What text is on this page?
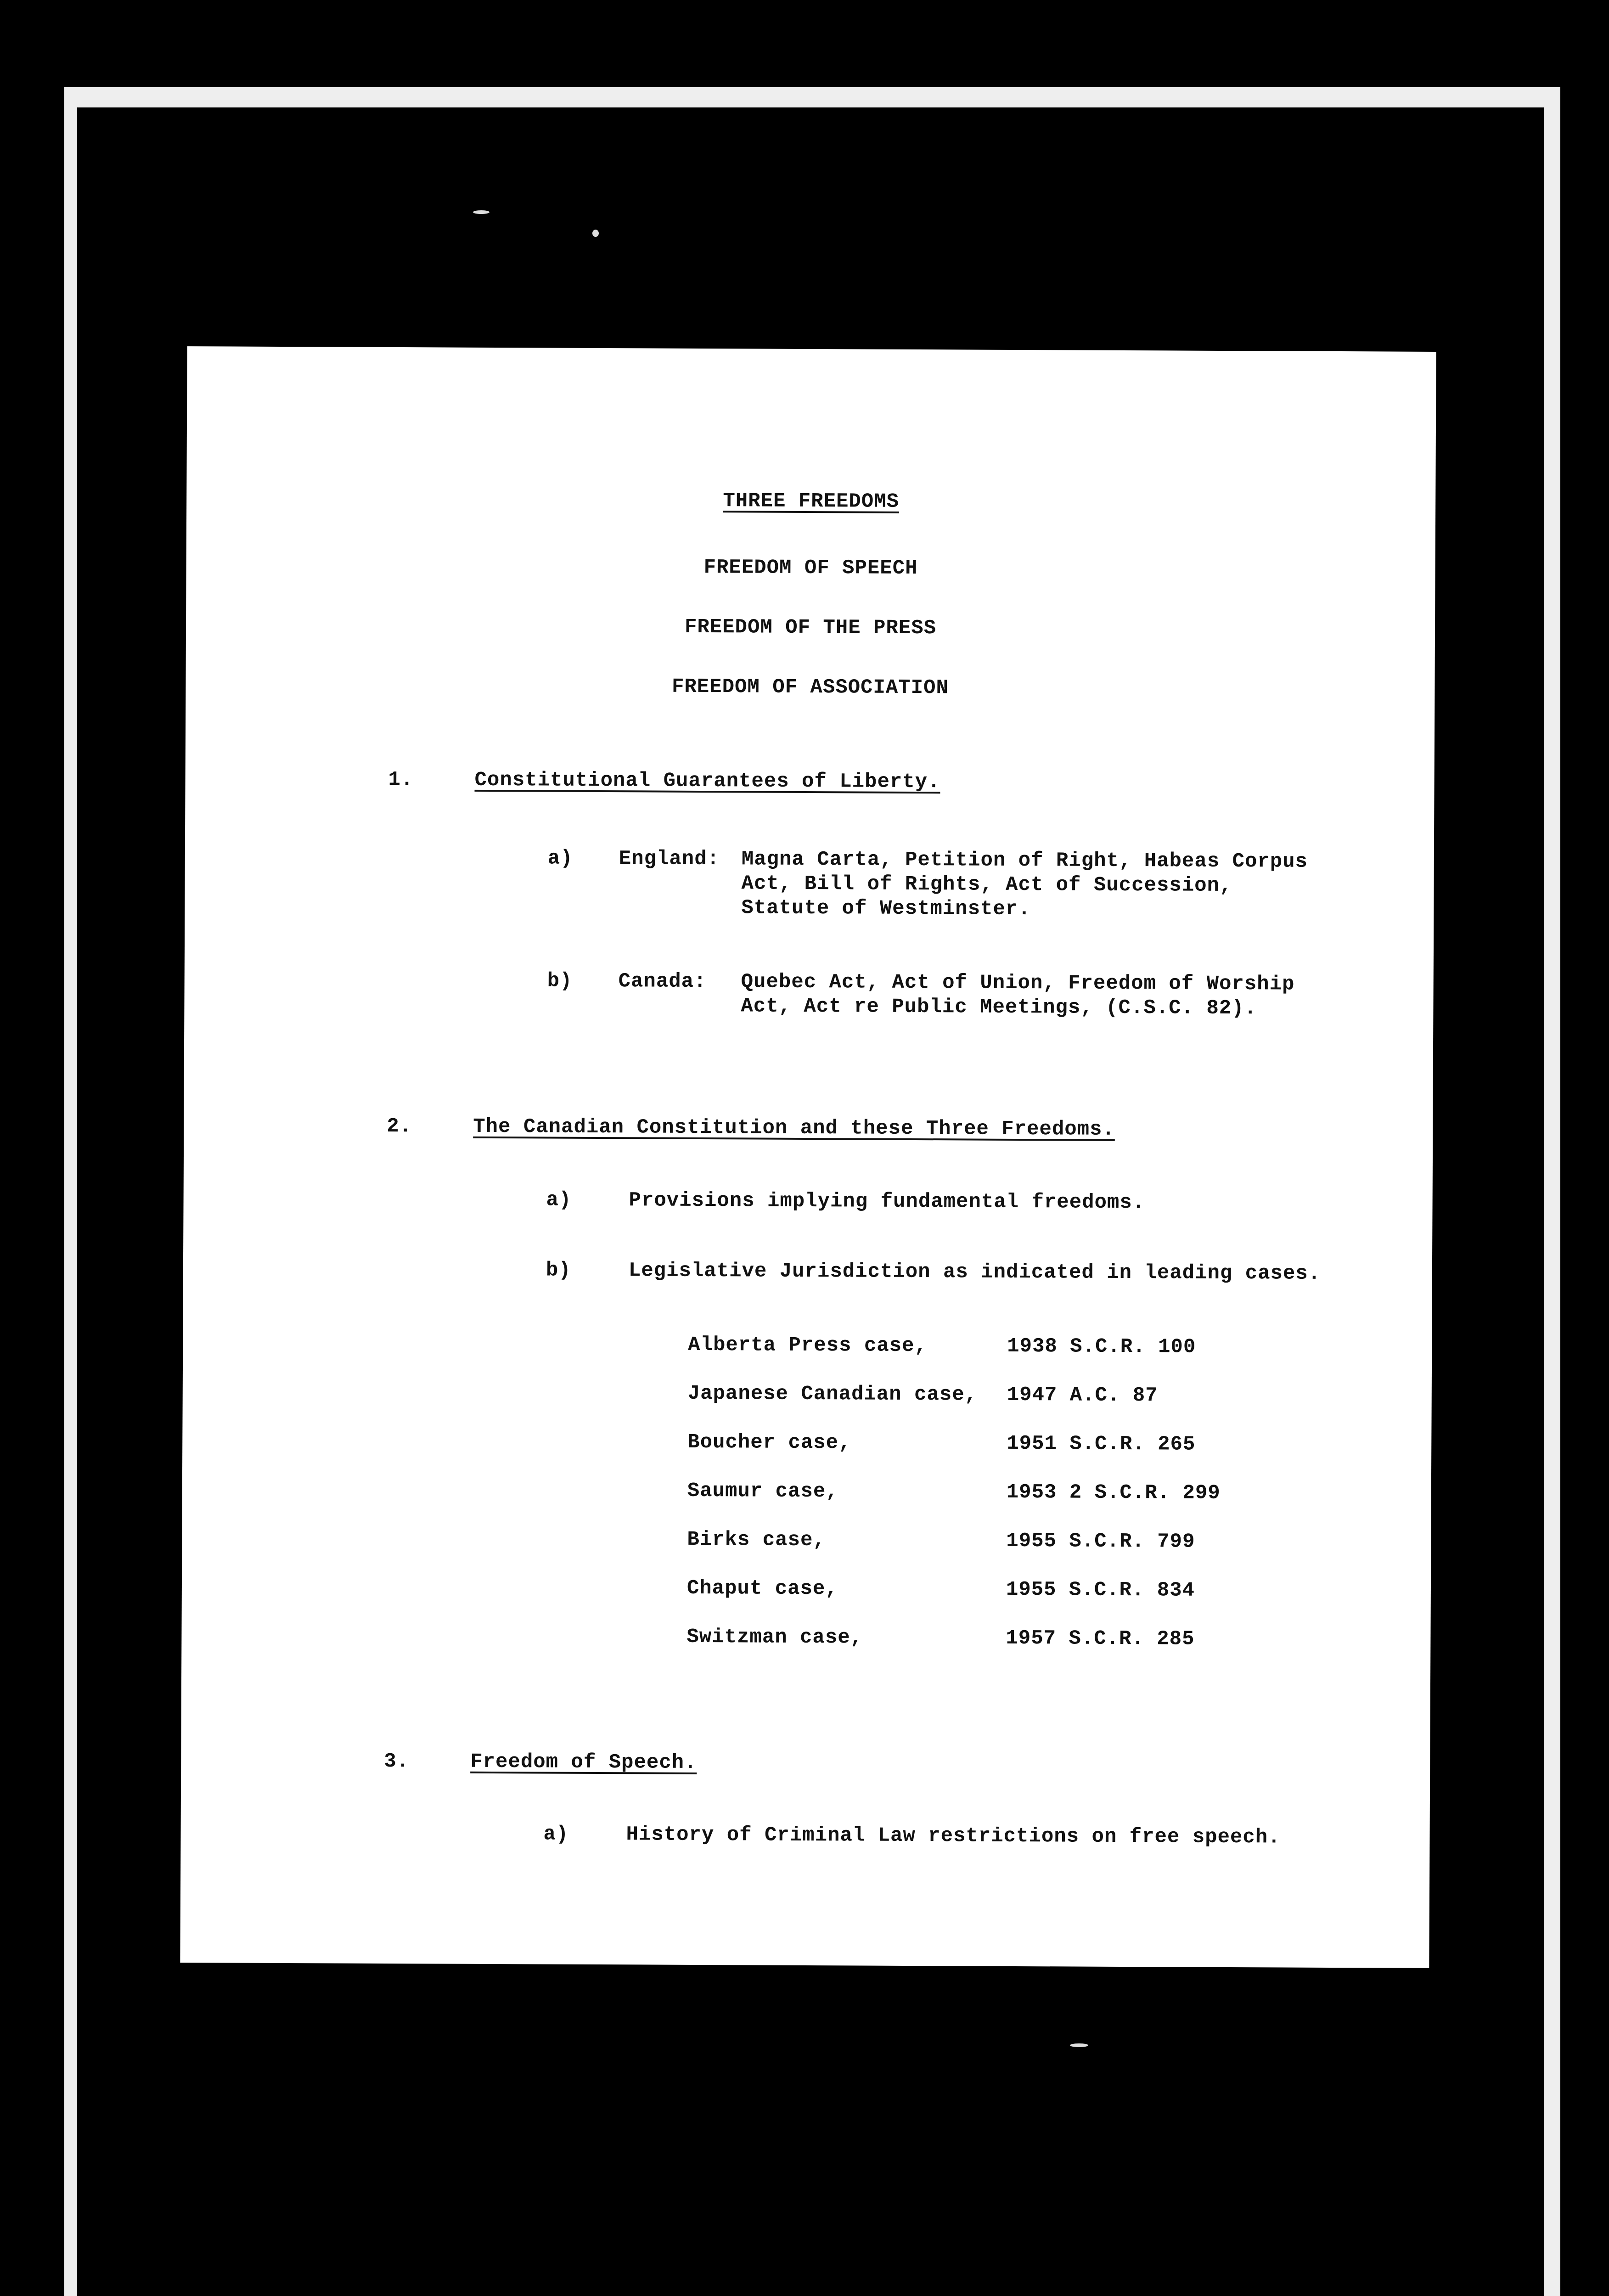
THREE FREEDOMS
FREEDOM OF SPEECH
FREEDOM OF THE PRESS
FREEDOM OF ASSOCIATION
1.	Constitutional Guarantees of Liberty.
a) England: Magna Carta, Petition of Right, Habeas Corpus
Act, Bill of Rights, Act of Succession,
Statute of Westminster.
b) Canada: Quebec Act, Act of Union, Freedom of Worship
Act, Act re Public Meetings, (C.S.C. 82).
2.	The Canadian Constitution and these Three Freedoms.
a)	Provisions implying fundamental freedoms.
b)	Legislative Jurisdiction as indicated in leading cases.
Alberta Press case,	1938 S.C.R. 100
Japanese Canadian case, 1947 A.C. 87
Boucher case,	1951 S.C.R. 265
Saumur case,	1953 2 S.C.R. 299
Birks case,	1955 S.C.R. 799
Chaput case,	1955 S.C.R. 834
Switzman case,	1957 S.C.R. 285
3.	Freedom of Speech.
a)	History of Criminal Law restrictions on free speech.
